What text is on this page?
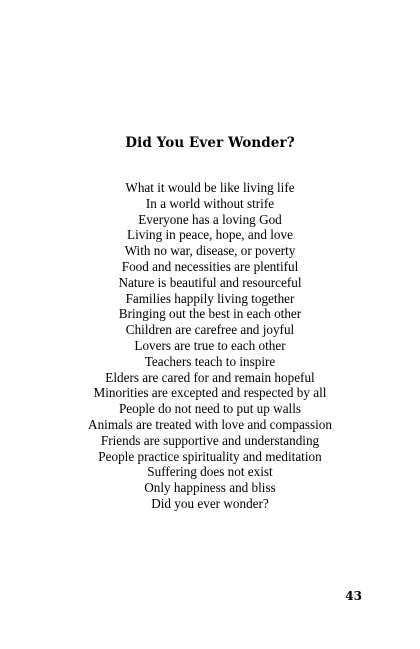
Did You Ever Wonder?
What it would be like living life
In a world without strife
Everyone has a loving God
Living in peace, hope, and love
With no war, disease, or poverty
Food and necessities are plentiful
Nature is beautiful and resourceful
Families happily living together
Bringing out the best in each other
Children are carefree and joyful
Lovers are true to each other
Teachers teach to inspire
Elders are cared for and remain hopeful
Minorities are excepted and respected by all
People do not need to put up walls
Animals are treated with love and compassion
Friends are supportive and understanding
People practice spirituality and meditation
Suffering does not exist
Only happiness and bliss
Did you ever wonder?
43
